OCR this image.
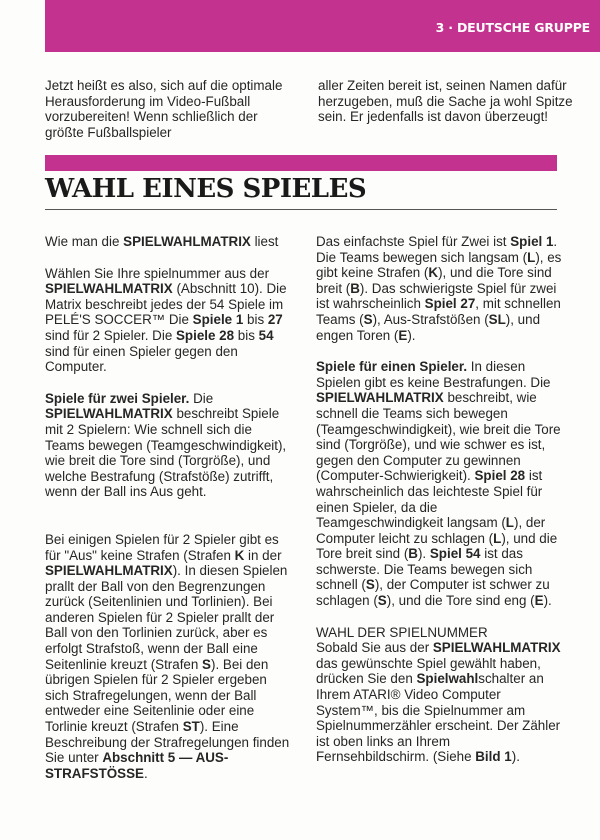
3 · DEUTSCHE GRUPPE

Jetzt heißt es also, sich auf die optimale Herausforderung im Video-Fußball vorzubereiten! Wenn schließlich der größte Fußballspieler

aller Zeiten bereit ist, seinen Namen dafür herzugeben, muß die Sache ja wohl Spitze sein. Er jedenfalls ist davon überzeugt!

WAHL EINES SPIELES

Wie man die SPIELWAHLMATRIX liest

Wählen Sie Ihre spielnummer aus der SPIELWAHLMATRIX (Abschnitt 10). Die Matrix beschreibt jedes der 54 Spiele im PELÉ'S SOCCER™ Die Spiele 1 bis 27 sind für 2 Spieler. Die Spiele 28 bis 54 sind für einen Spieler gegen den Computer.

Spiele für zwei Spieler. Die SPIELWAHLMATRIX beschreibt Spiele mit 2 Spielern: Wie schnell sich die Teams bewegen (Teamgeschwindigkeit), wie breit die Tore sind (Torgröße), und welche Bestrafung (Strafstöße) zutrifft, wenn der Ball ins Aus geht.

Bei einigen Spielen für 2 Spieler gibt es für "Aus" keine Strafen (Strafen K in der SPIELWAHLMATRIX). In diesen Spielen prallt der Ball von den Begrenzungen zurück (Seitenlinien und Torlinien). Bei anderen Spielen für 2 Spieler prallt der Ball von den Torlinien zurück, aber es erfolgt Strafstoß, wenn der Ball eine Seitenlinie kreuzt (Strafen S). Bei den übrigen Spielen für 2 Spieler ergeben sich Strafregelungen, wenn der Ball entweder eine Seitenlinie oder eine Torlinie kreuzt (Strafen ST). Eine Beschreibung der Strafregelungen finden Sie unter Abschnitt 5 — AUS-STRAFSTÖSSE.

Das einfachste Spiel für Zwei ist Spiel 1. Die Teams bewegen sich langsam (L), es gibt keine Strafen (K), und die Tore sind breit (B). Das schwierigste Spiel für zwei ist wahrscheinlich Spiel 27, mit schnellen Teams (S), Aus-Strafstößen (SL), und engen Toren (E).

Spiele für einen Spieler. In diesen Spielen gibt es keine Bestrafungen. Die SPIELWAHLMATRIX beschreibt, wie schnell die Teams sich bewegen (Teamgeschwindigkeit), wie breit die Tore sind (Torgröße), und wie schwer es ist, gegen den Computer zu gewinnen (Computer-Schwierigkeit). Spiel 28 ist wahrscheinlich das leichteste Spiel für einen Spieler, da die Teamgeschwindigkeit langsam (L), der Computer leicht zu schlagen (L), und die Tore breit sind (B). Spiel 54 ist das schwerste. Die Teams bewegen sich schnell (S), der Computer ist schwer zu schlagen (S), und die Tore sind eng (E).

WAHL DER SPIELNUMMER
Sobald Sie aus der SPIELWAHLMATRIX das gewünschte Spiel gewählt haben, drücken Sie den Spielwahlschalter an Ihrem ATARI® Video Computer System™, bis die Spielnummer am Spielnummerzähler erscheint. Der Zähler ist oben links an Ihrem Fernsehbildschirm. (Siehe Bild 1).
